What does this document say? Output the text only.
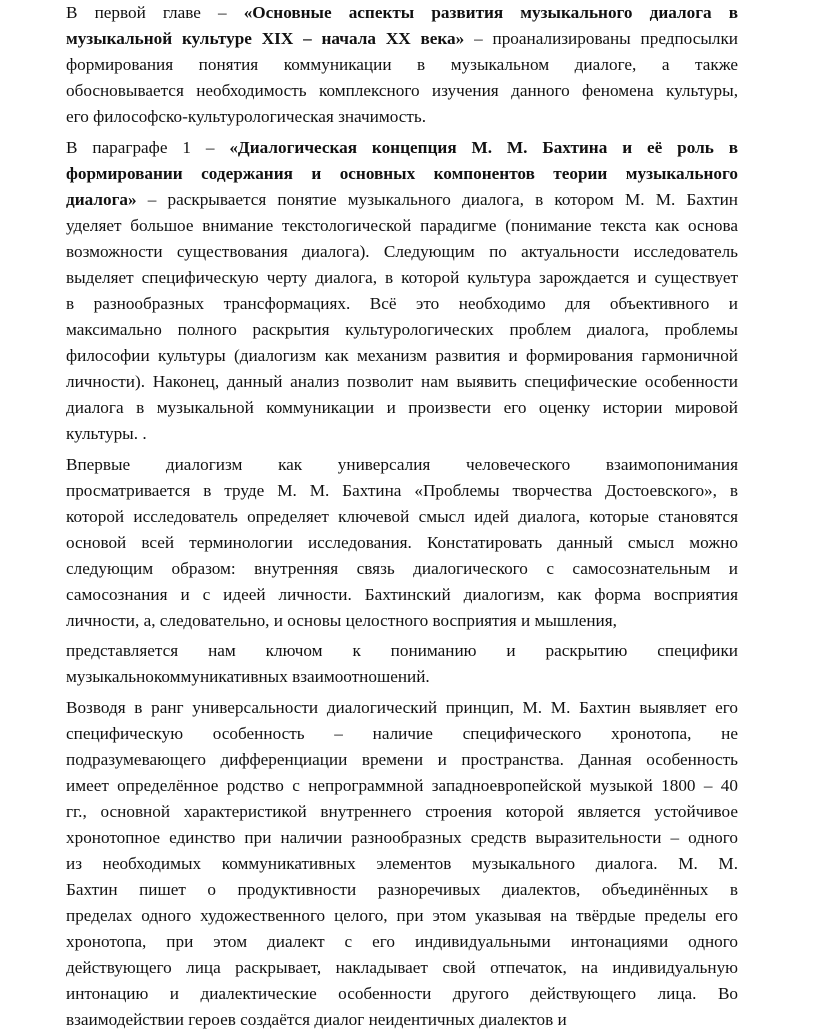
В первой главе – «Основные аспекты развития музыкального диалога в
музыкальной культуре XIX – начала XX века» – проанализированы предпосылки
формирования понятия коммуникации в музыкальном диалоге, а также
обосновывается необходимость комплексного изучения данного феномена культуры,
его философско-культурологическая значимость.
В параграфе 1 – «Диалогическая концепция М. М. Бахтина и её роль в
формировании содержания и основных компонентов теории музыкального
диалога» – раскрывается понятие музыкального диалога, в котором М. М. Бахтин
уделяет большое внимание текстологической парадигме (понимание текста как основа
возможности существования диалога). Следующим по актуальности исследователь
выделяет специфическую черту диалога, в которой культура зарождается и существует
в разнообразных трансформациях. Всё это необходимо для объективного и
максимально полного раскрытия культурологических проблем диалога, проблемы
философии культуры (диалогизм как механизм развития и формирования гармоничной
личности). Наконец, данный анализ позволит нам выявить специфические особенности
диалога в музыкальной коммуникации и произвести его оценку истории мировой
культуры. .
Впервые диалогизм как универсалия человеческого взаимопонимания
просматривается в труде М. М. Бахтина «Проблемы творчества Достоевского», в
которой исследователь определяет ключевой смысл идей диалога, которые становятся
основой всей терминологии исследования. Констатировать данный смысл можно
следующим образом: внутренняя связь диалогического с самосознательным и
самосознания и с идеей личности. Бахтинский диалогизм, как форма восприятия
личности, а, следовательно, и основы целостного восприятия и мышления,
представляется нам ключом к пониманию и раскрытию специфики
музыкальнокоммуникативных взаимоотношений.
Возводя в ранг универсальности диалогический принцип, М. М. Бахтин выявляет его
специфическую особенность – наличие специфического хронотопа, не
подразумевающего дифференциации времени и пространства. Данная особенность
имеет определённое родство с непрограммной западноевропейской музыкой 1800 – 40
гг., основной характеристикой внутреннего строения которой является устойчивое
хронотопное единство при наличии разнообразных средств выразительности – одного
из необходимых коммуникативных элементов музыкального диалога. М. М.
Бахтин пишет о продуктивности разноречивых диалектов, объединённых в
пределах одного художественного целого, при этом указывая на твёрдые пределы его
хронотопа, при этом диалект с его индивидуальными интонациями одного
действующего лица раскрывает, накладывает свой отпечаток, на индивидуальную
интонацию и диалектические особенности другого действующего лица. Во
взаимодействии героев создаётся диалог неидентичных диалектов и
